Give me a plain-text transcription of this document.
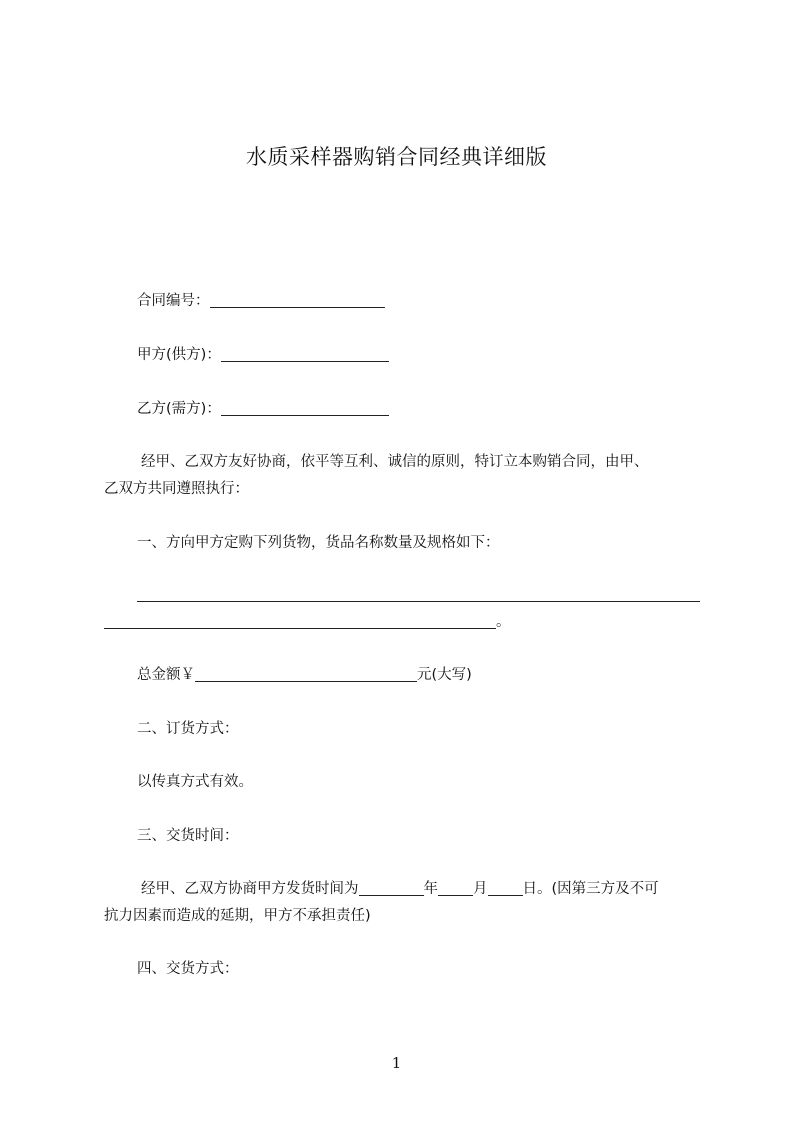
水质采样器购销合同经典详细版
合同编号：
甲方(供方)：
乙方(需方)：
经甲、乙双方友好协商，依平等互利、诚信的原则，特订立本购销合同，由甲、
乙双方共同遵照执行：
一、方向甲方定购下列货物，货品名称数量及规格如下：
。
总金额￥	元(大写)
二、订货方式：
以传真方式有效。
三、交货时间：
经甲、乙双方协商甲方发货时间为	年 月 日。(因第三方及不可
抗力因素而造成的延期，甲方不承担责任)
四、交货方式：
1
